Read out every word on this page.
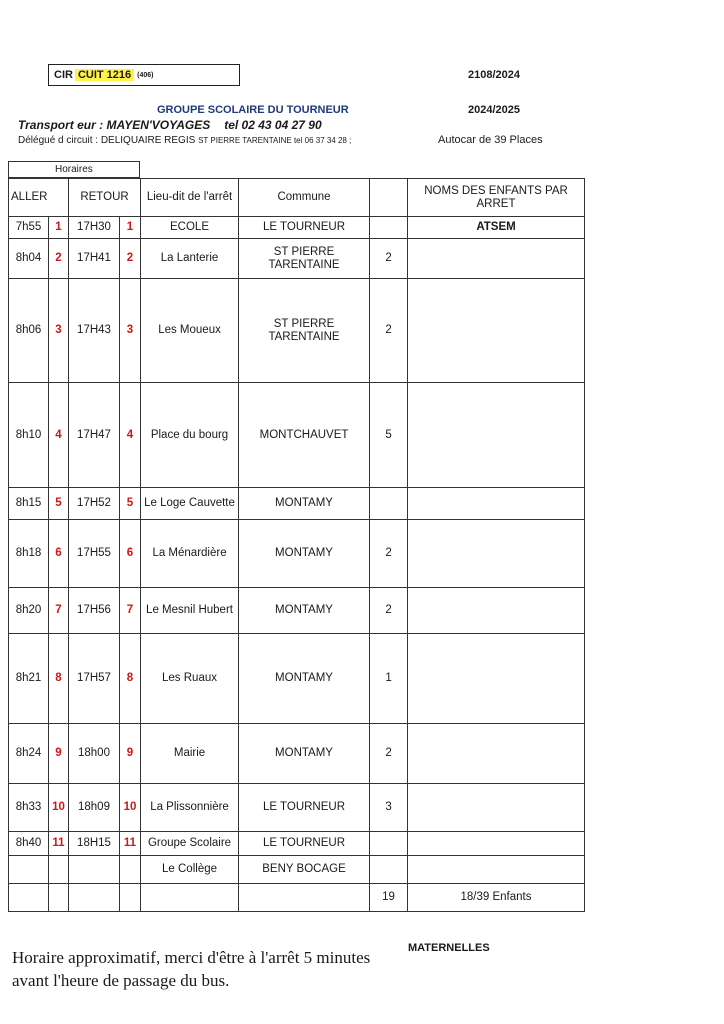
CIR CUIT 1216 (406)	2108/2024
GROUPE SCOLAIRE DU TOURNEUR	2024/2025
Transport eur : MAYEN'VOYAGES tel 02 43 04 27 90
Délégué d circuit : DELIQUAIRE REGIS ST PIERRE TARENTAINE tel 06 37 34 28 ;	Autocar de 39 Places
Horaires
ALLER		RETOUR		Lieu-dit de l'arrêt	Commune		NOMS DES ENFANTS PAR ARRET
7h55	1	17H30	1	ECOLE	LE TOURNEUR		ATSEM
8h04	2	17H41	2	La Lanterie	ST PIERRE TARENTAINE	2	
8h06	3	17H43	3	Les Moueux	ST PIERRE TARENTAINE	2	
8h10	4	17H47	4	Place du bourg	MONTCHAUVET	5	
8h15	5	17H52	5	Le Loge Cauvette	MONTAMY		
8h18	6	17H55	6	La Ménardière	MONTAMY	2	
8h20	7	17H56	7	Le Mesnil Hubert	MONTAMY	2	
8h21	8	17H57	8	Les Ruaux	MONTAMY	1	
8h24	9	18h00	9	Mairie	MONTAMY	2	
8h33	10	18h09	10	La Plissonnière	LE TOURNEUR	3	
8h40	11	18H15	11	Groupe Scolaire	LE TOURNEUR		
				Le Collège	BENY BOCAGE		
						19	18/39 Enfants
Horaire approximatif, merci d'être à l'arrêt 5 minutes avant l'heure de passage du bus.
MATERNELLES
